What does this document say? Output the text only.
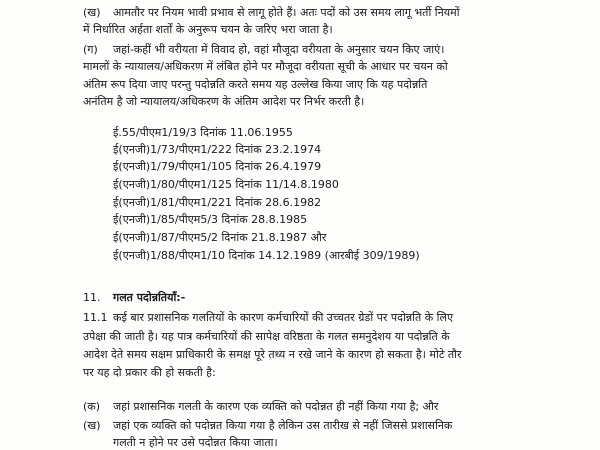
(ख) आमतौर पर नियम भावी प्रभाव से लागू होते हैं। अतः पदों को उस समय लागू भर्ती नियमों
में निर्धारित अर्हता शर्तों के अनुरूप चयन के जरिए भरा जाता है।
(ग) जहां-कहीं भी वरीयता में विवाद हो, वहां मौजूदा वरीयता के अनुसार चयन किए जाएं।
मामलों के न्यायालय/अधिकरण में लंबित होने पर मौजूदा वरीयता सूची के आधार पर चयन को
अंतिम रूप दिया जाए परन्तु पदोन्नति करते समय यह उल्लेख किया जाए कि यह पदोन्नति
अनंतिम है जो न्यायालय/अधिकरण के अंतिम आदेश पर निर्भर करती है।
ई.55/पीएम1/19/3 दिनांक 11.06.1955
ई(एनजी)1/73/पीएम1/222 दिनांक 23.2.1974
ई(एनजी)1/79/पीएम1/105 दिनांक 26.4.1979
ई(एनजी)1/80/पीएम1/125 दिनांक 11/14.8.1980
ई(एनजी)1/81/पीएम1/221 दिनांक 28.6.1982
ई(एनजी)1/85/पीएम5/3 दिनांक 28.8.1985
ई(एनजी)1/87/पीएम5/2 दिनांक 21.8.1987 और
ई(एनजी)1/88/पीएम1/10 दिनांक 14.12.1989 (आरबीई 309/1989)
11. गलत पदोन्नतियाँ:-
11.1 कई बार प्रशासनिक गलतियों के कारण कर्मचारियों की उच्चतर ग्रेडों पर पदोन्नति के लिए
उपेक्षा की जाती है। यह पात्र कर्मचारियों की सापेक्ष वरिष्ठता के गलत समनुदेशय या पदोन्नति के
आदेश देते समय सक्षम प्राधिकारी के समक्ष पूरे तथ्य न रखे जाने के कारण हो सकता है। मोटे तौर
पर यह दो प्रकार की हो सकती है:
(क) जहां प्रशासनिक गलती के कारण एक व्यक्ति को पदोन्नत ही नहीं किया गया है; और
(ख) जहां एक व्यक्ति को पदोन्नत किया गया है लेकिन उस तारीख से नहीं जिससे प्रशासनिक
गलती न होने पर उसे पदोन्नत किया जाता।
